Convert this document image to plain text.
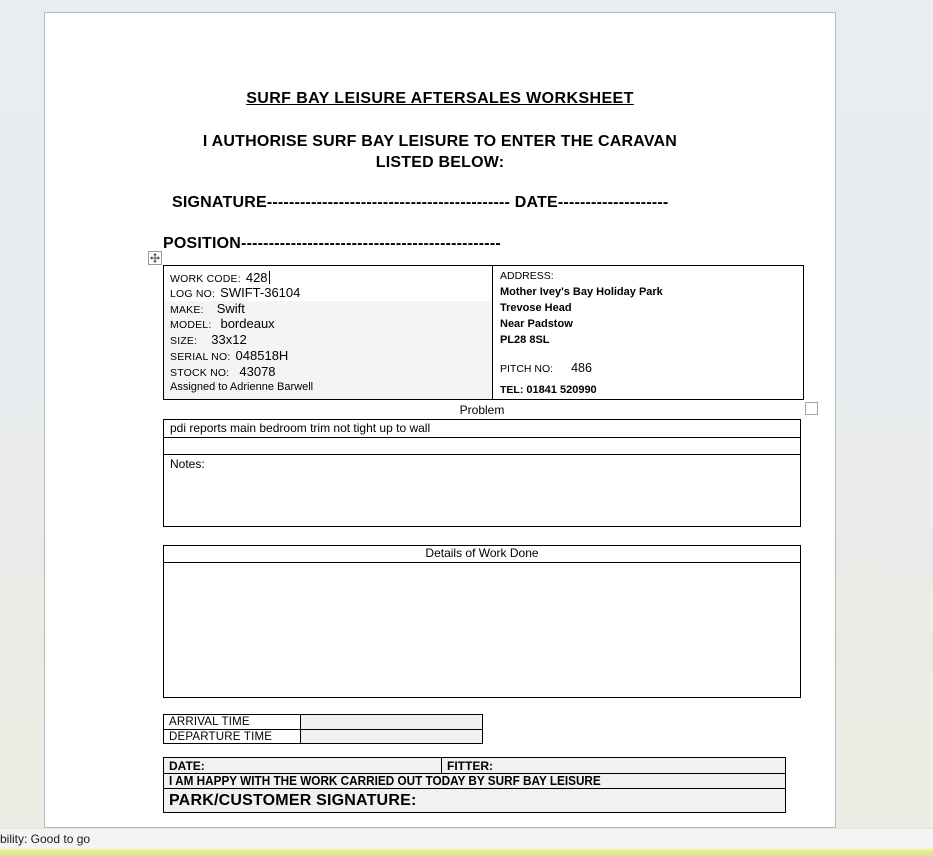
SURF BAY LEISURE AFTERSALES WORKSHEET
I AUTHORISE SURF BAY LEISURE TO ENTER THE CARAVAN
LISTED BELOW:
SIGNATURE-------------------------------------------- DATE--------------------
POSITION-----------------------------------------------
WORK CODE: 428
LOG NO: SWIFT-36104
MAKE: Swift
MODEL: bordeaux
SIZE: 33x12
SERIAL NO: 048518H
STOCK NO: 43078
Assigned to Adrienne Barwell
ADDRESS:
Mother Ivey's Bay Holiday Park
Trevose Head
Near Padstow
PL28 8SL
PITCH NO: 486
TEL: 01841 520990
Problem
pdi reports main bedroom trim not tight up to wall
Notes:
Details of Work Done
ARRIVAL TIME
DEPARTURE TIME
DATE:	FITTER:
I AM HAPPY WITH THE WORK CARRIED OUT TODAY BY SURF BAY LEISURE
PARK/CUSTOMER SIGNATURE:
bility: Good to go
